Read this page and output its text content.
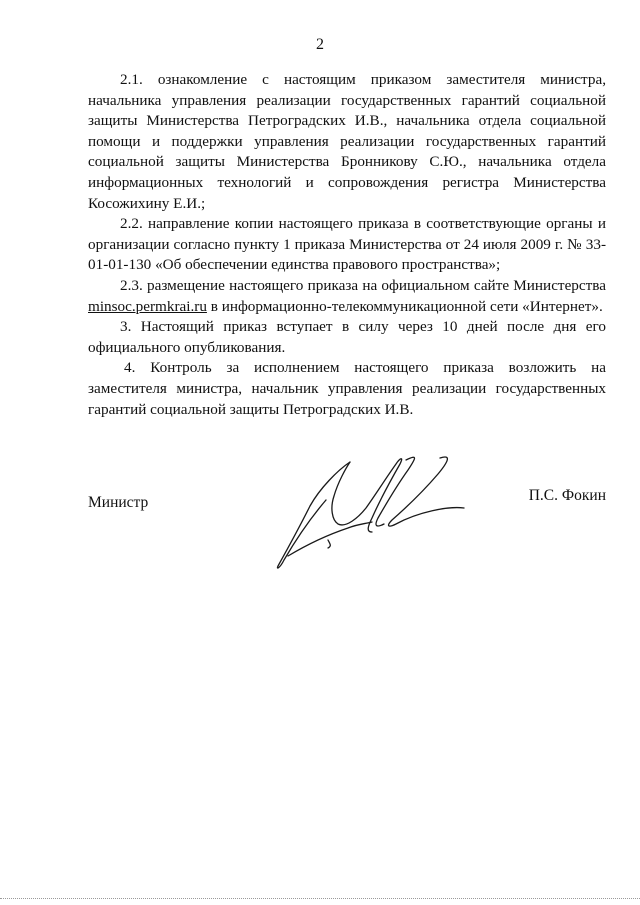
2

2.1. ознакомление с настоящим приказом заместителя министра, начальника управления реализации государственных гарантий социальной защиты Министерства Петроградских И.В., начальника отдела социальной помощи и поддержки управления реализации государственных гарантий социальной защиты Министерства Бронникову С.Ю., начальника отдела информационных технологий и сопровождения регистра Министерства Косожихину Е.И.;

2.2. направление копии настоящего приказа в соответствующие органы и организации согласно пункту 1 приказа Министерства от 24 июля 2009 г. № 33-01-01-130 «Об обеспечении единства правового пространства»;

2.3. размещение настоящего приказа на официальном сайте Министерства minsoc.permkrai.ru в информационно-телекоммуникационной сети «Интернет».

3. Настоящий приказ вступает в силу через 10 дней после дня его официального опубликования.

4. Контроль за исполнением настоящего приказа возложить на заместителя министра, начальник управления реализации государственных гарантий социальной защиты Петроградских И.В.

Министр	П.С. Фокин
